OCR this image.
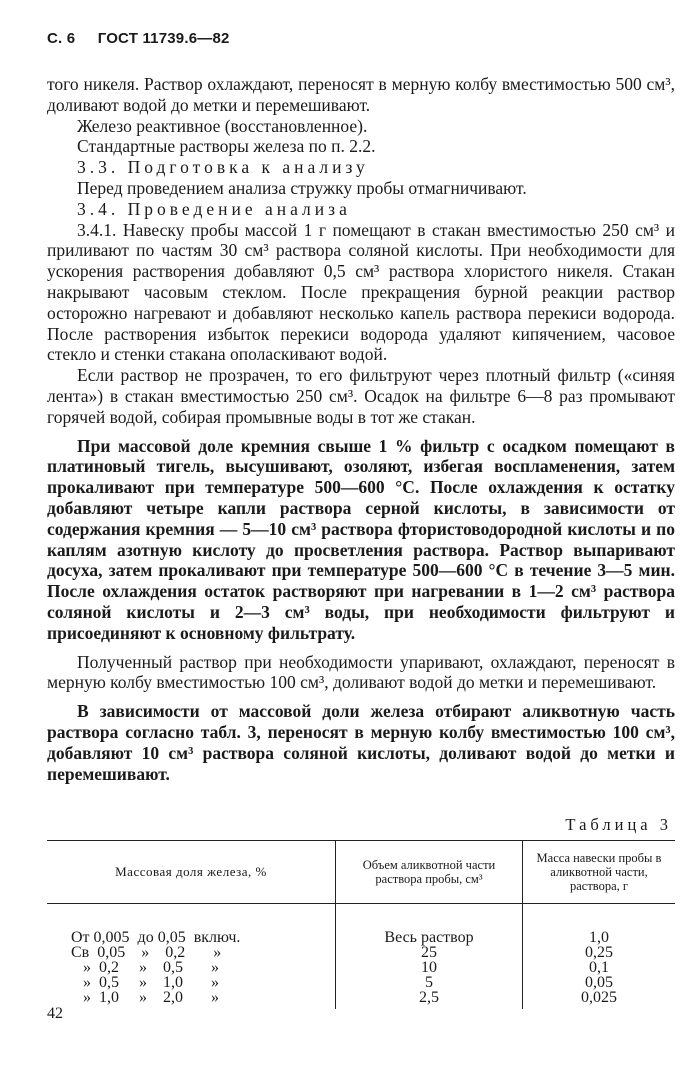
С. 6 ГОСТ 11739.6—82

того никеля. Раствор охлаждают, переносят в мерную колбу вместимостью 500 см³, доливают водой до метки и перемешивают.

Железо реактивное (восстановленное).

Стандартные растворы железа по п. 2.2.

3.3. Подготовка к анализу

Перед проведением анализа стружку пробы отмагничивают.

3.4. Проведение анализа

3.4.1. Навеску пробы массой 1 г помещают в стакан вместимостью 250 см³ и приливают по частям 30 см³ раствора соляной кислоты. При необходимости для ускорения растворения добавляют 0,5 см³ раствора хлористого никеля. Стакан накрывают часовым стеклом. После прекращения бурной реакции раствор осторожно нагревают и добавляют несколько капель раствора перекиси водорода. После растворения избыток перекиси водорода удаляют кипячением, часовое стекло и стенки стакана ополаскивают водой.

Если раствор не прозрачен, то его фильтруют через плотный фильтр («синяя лента») в стакан вместимостью 250 см³. Осадок на фильтре 6—8 раз промывают горячей водой, собирая промывные воды в тот же стакан.

При массовой доле кремния свыше 1 % фильтр с осадком помещают в платиновый тигель, высушивают, озоляют, избегая воспламенения, затем прокаливают при температуре 500—600 °С. После охлаждения к остатку добавляют четыре капли раствора серной кислоты, в зависимости от содержания кремния — 5—10 см³ раствора фтористоводородной кислоты и по каплям азотную кислоту до просветления раствора. Раствор выпаривают досуха, затем прокаливают при температуре 500—600 °С в течение 3—5 мин. После охлаждения остаток растворяют при нагревании в 1—2 см³ раствора соляной кислоты и 2—3 см³ воды, при необходимости фильтруют и присоединяют к основному фильтрату.

Полученный раствор при необходимости упаривают, охлаждают, переносят в мерную колбу вместимостью 100 см³, доливают водой до метки и перемешивают.

В зависимости от массовой доли железа отбирают аликвотную часть раствора согласно табл. 3, переносят в мерную колбу вместимостью 100 см³, добавляют 10 см³ раствора соляной кислоты, доливают водой до метки и перемешивают.

Таблица 3
Массовая доля железа, %	Объем аликвотной части раствора пробы, см³	Масса навески пробы в аликвотной части, раствора, г
От 0,005  до 0,05  включ.	Весь раствор	1,0
Св  0,05    »    0,2       »	25	0,25
»  0,2     »    0,5       »	10	0,1
»  0,5     »    1,0       »	5	0,05
»  1,0     »    2,0       »	2,5	0,025
42
